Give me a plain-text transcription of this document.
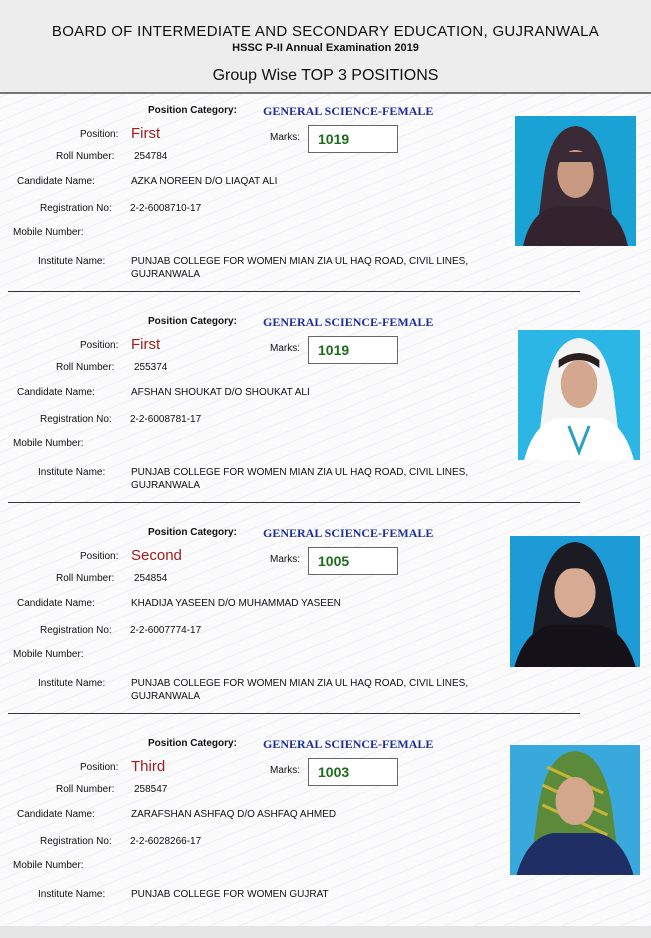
BOARD OF INTERMEDIATE AND SECONDARY EDUCATION, GUJRANWALA
HSSC P-II Annual Examination 2019
Group Wise TOP 3 POSITIONS
Position Category: GENERAL SCIENCE-FEMALE
Position: First	Marks: 1019
Roll Number: 254784
Candidate Name:	AZKA NOREEN D/O LIAQAT ALI
Registration No: 2-2-6008710-17
Mobile Number:
Institute Name:	PUNJAB COLLEGE FOR WOMEN MIAN ZIA UL HAQ ROAD, CIVIL LINES,
GUJRANWALA
Position Category: GENERAL SCIENCE-FEMALE
Position: First	Marks: 1019
Roll Number: 255374
Candidate Name:	AFSHAN SHOUKAT D/O SHOUKAT ALI
Registration No: 2-2-6008781-17
Mobile Number:
Institute Name:	PUNJAB COLLEGE FOR WOMEN MIAN ZIA UL HAQ ROAD, CIVIL LINES,
GUJRANWALA
Position Category: GENERAL SCIENCE-FEMALE
Position: Second	Marks: 1005
Roll Number: 254854
Candidate Name:	KHADIJA YASEEN D/O MUHAMMAD YASEEN
Registration No: 2-2-6007774-17
Mobile Number:
Institute Name:	PUNJAB COLLEGE FOR WOMEN MIAN ZIA UL HAQ ROAD, CIVIL LINES,
GUJRANWALA
Position Category: GENERAL SCIENCE-FEMALE
Position: Third	Marks: 1003
Roll Number: 258547
Candidate Name:	ZARAFSHAN ASHFAQ D/O ASHFAQ AHMED
Registration No: 2-2-6028266-17
Mobile Number:
Institute Name:	PUNJAB COLLEGE FOR WOMEN GUJRAT
